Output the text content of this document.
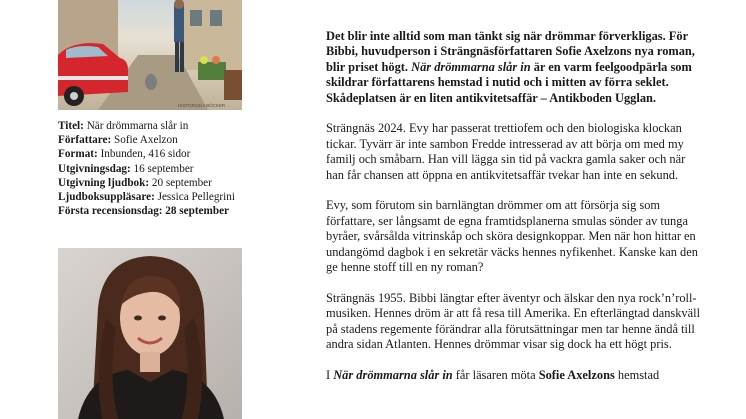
HISTORISKA BÖCKER
Titel: När drömmarna slår in
Författare: Sofie Axelzon
Format: Inbunden, 416 sidor
Utgivningsdag: 16 september
Utgivning ljudbok: 20 september
Ljudboksuppläsare: Jessica Pellegrini
Första recensionsdag: 28 september

Det blir inte alltid som man tänkt sig när drömmar förverkligas. För Bibbi, huvudperson i Strängnäsförfattaren Sofie Axelzons nya roman, blir priset högt. När drömmarna slår in är en varm feelgoodpärla som skildrar författarens hemstad i nutid och i mitten av förra seklet. Skådeplatsen är en liten antikvitetsaffär – Antikboden Ugglan.

Strängnäs 2024. Evy har passerat trettiofem och den biologiska klockan tickar. Tyvärr är inte sambon Fredde intresserad av att börja om med my familj och småbarn. Han vill lägga sin tid på vackra gamla saker och när han får chansen att öppna en antikvitetsaffär tvekar han inte en sekund.

Evy, som förutom sin barnlängtan drömmer om att försörja sig som författare, ser långsamt de egna framtidsplanerna smulas sönder av tunga byråer, svårsålda vitrinskåp och sköra designkoppar. Men när hon hittar en undangömd dagbok i en sekretär väcks hennes nyfikenhet. Kanske kan den ge henne stoff till en ny roman?

Strängnäs 1955. Bibbi längtar efter äventyr och älskar den nya rock’n’roll-musiken. Hennes dröm är att få resa till Amerika. En efterlängtad danskväll på stadens regemente förändrar alla förutsättningar men tar henne ändå till andra sidan Atlanten. Hennes drömmar visar sig dock ha ett högt pris.

I När drömmarna slår in får läsaren möta Sofie Axelzons hemstad
